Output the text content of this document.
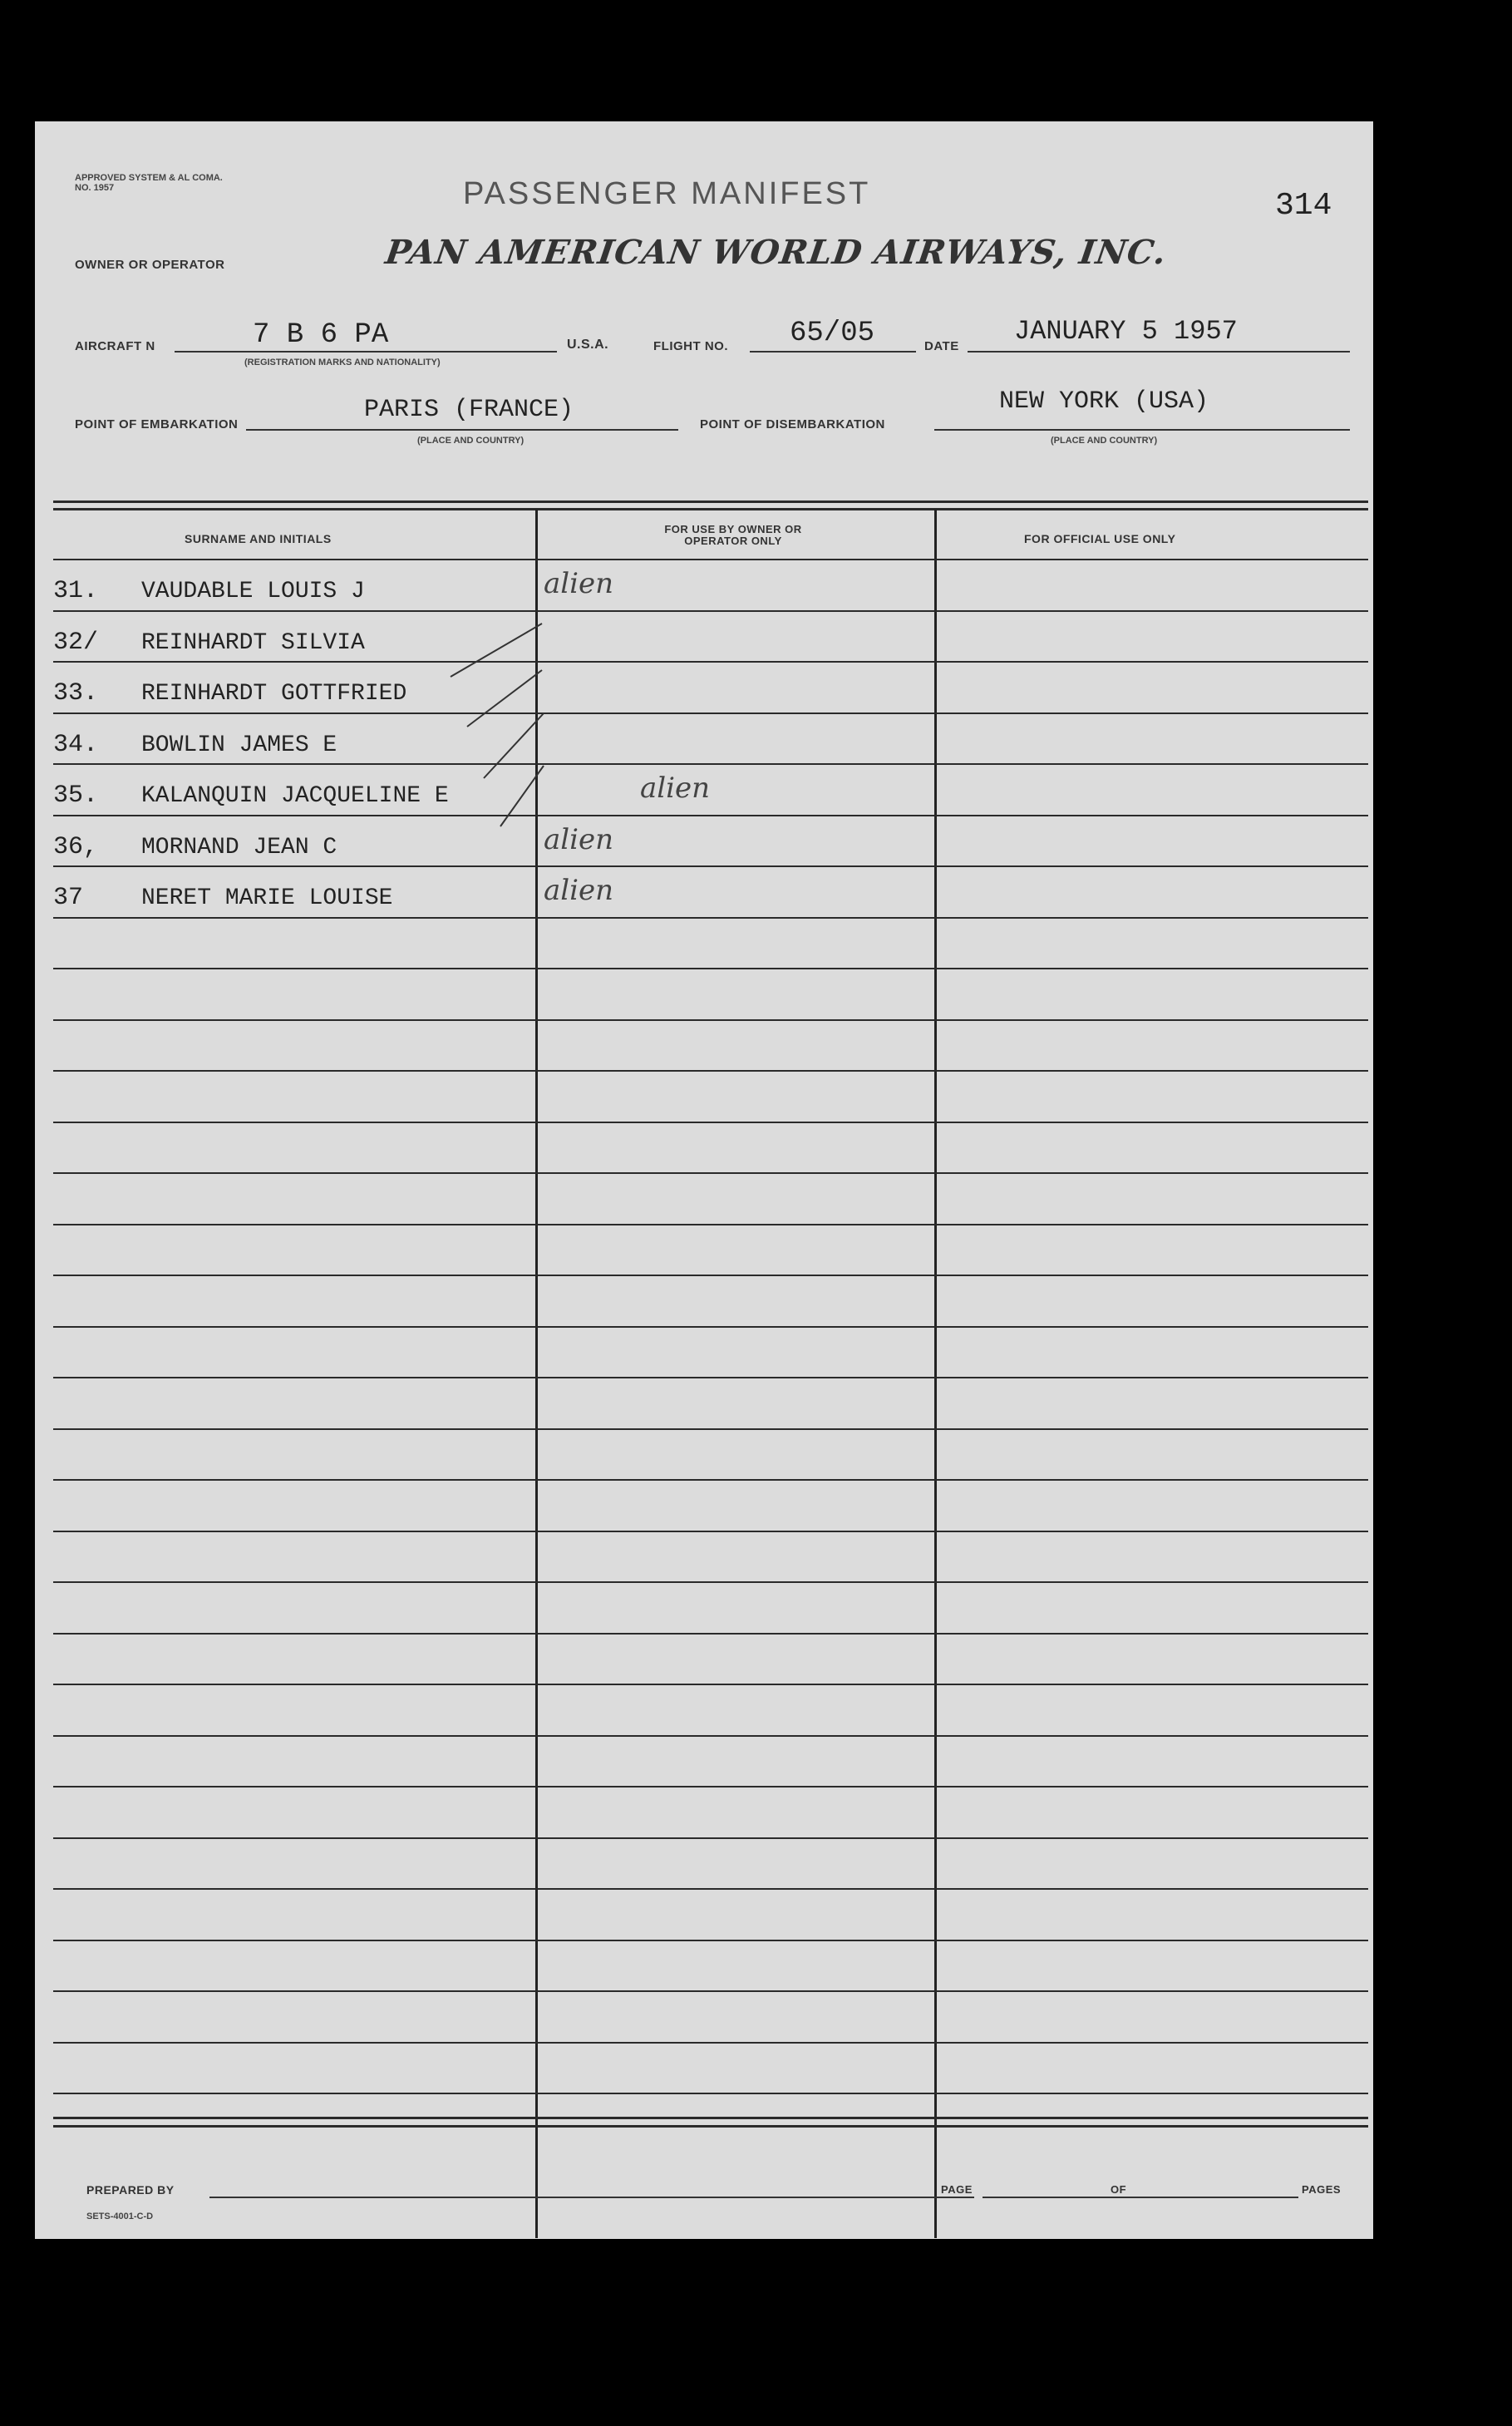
APPROVED SYSTEM & AL COMA. NO. 1957	PASSENGER MANIFEST	314
OWNER OR OPERATOR	PAN AMERICAN WORLD AIRWAYS, INC.
AIRCRAFT N	7 B 6 PA
(REGISTRATION MARKS AND NATIONALITY)
U.S.A.	FLIGHT NO. 65/05	DATE JANUARY 5 1957
POINT OF EMBARKATION
PARIS (FRANCE)
(PLACE AND COUNTRY)
POINT OF DISEMBARKATION
NEW YORK (USA)
(PLACE AND COUNTRY)
SURNAME AND INITIALS
FOR USE BY OWNER OR OPERATOR ONLY	FOR OFFICIAL USE ONLY
31. VAUDABLE LOUIS J	alien
32/ REINHARDT SILVIA
33. REINHARDT GOTTFRIED
34. BOWLIN JAMES E
35. KALANQUIN JACQUELINE E	alien
36, MORNAND JEAN C	alien
37 NERET MARIE LOUISE	alien
PREPARED BY	PAGE	OF	PAGES
SETS-4001-C-D
